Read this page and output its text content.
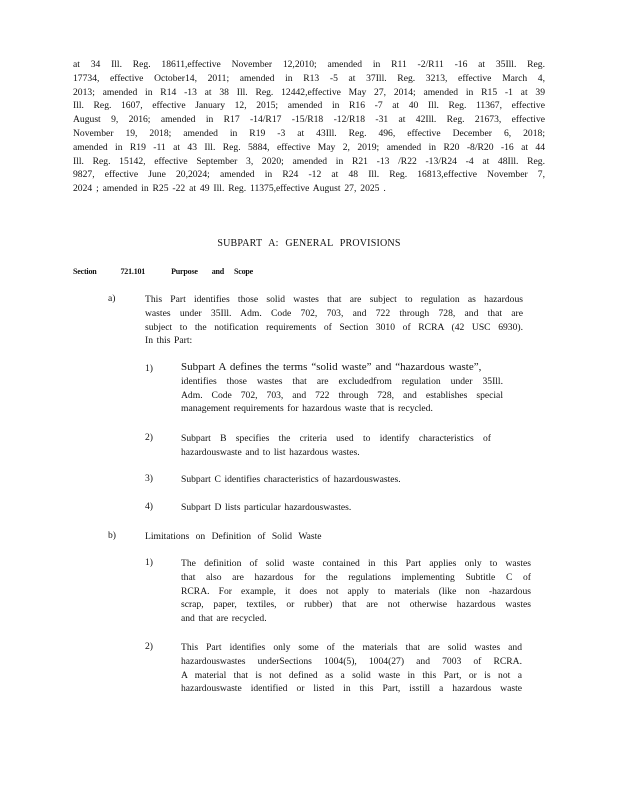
at 34 Ill. Reg. 18611,effective November 12,2010; amended in R11 -2/R11 -16 at 35Ill. Reg.
17734, effective October14, 2011; amended in R13 -5 at 37Ill. Reg. 3213, effective March 4,
2013; amended in R14 -13 at 38 Ill. Reg. 12442,effective May 27, 2014; amended in R15 -1 at 39
Ill. Reg. 1607, effective January 12, 2015; amended in R16 -7 at 40 Ill. Reg. 11367, effective
August 9, 2016; amended in R17 -14/R17 -15/R18 -12/R18 -31 at 42Ill. Reg. 21673, effective
November 19, 2018; amended in R19 -3 at 43Ill. Reg. 496, effective December 6, 2018;
amended in R19 -11 at 43 Ill. Reg. 5884, effective May 2, 2019; amended in R20 -8/R20 -16 at 44
Ill. Reg. 15142, effective September 3, 2020; amended in R21 -13 /R22 -13/R24 -4 at 48Ill. Reg.
9827, effective June 20,2024; amended in R24 -12 at 48 Ill. Reg. 16813,effective November 7,
2024 ; amended in R25 -22 at 49 Ill. Reg. 11375,effective August 27, 2025 .
SUBPART A: GENERAL PROVISIONS
Section	721.101	Purpose and Scope
a)	This Part identifies those solid wastes that are subject to regulation as hazardous
wastes under 35Ill. Adm. Code 702, 703, and 722 through 728, and that are
subject to the notification requirements of Section 3010 of RCRA (42 USC 6930).
In this Part:
1)	Subpart A defines the terms “solid waste” and “hazardous waste”,
identifies those wastes that are excludedfrom regulation under 35Ill.
Adm. Code 702, 703, and 722 through 728, and establishes special
management requirements for hazardous waste that is recycled.
2)	Subpart B specifies the criteria used to identify characteristics of
hazardouswaste and to list hazardous wastes.
3)	Subpart C identifies characteristics of hazardouswastes.
4)	Subpart D lists particular hazardouswastes.
b)	Limitations on Definition of Solid Waste
1)	The definition of solid waste contained in this Part applies only to wastes
that also are hazardous for the regulations implementing Subtitle C of
RCRA. For example, it does not apply to materials (like non -hazardous
scrap, paper, textiles, or rubber) that are not otherwise hazardous wastes
and that are recycled.
2)	This Part identifies only some of the materials that are solid wastes and
hazardouswastes underSections 1004(5), 1004(27) and 7003 of RCRA.
A material that is not defined as a solid waste in this Part, or is not a
hazardouswaste identified or listed in this Part, isstill a hazardous waste
